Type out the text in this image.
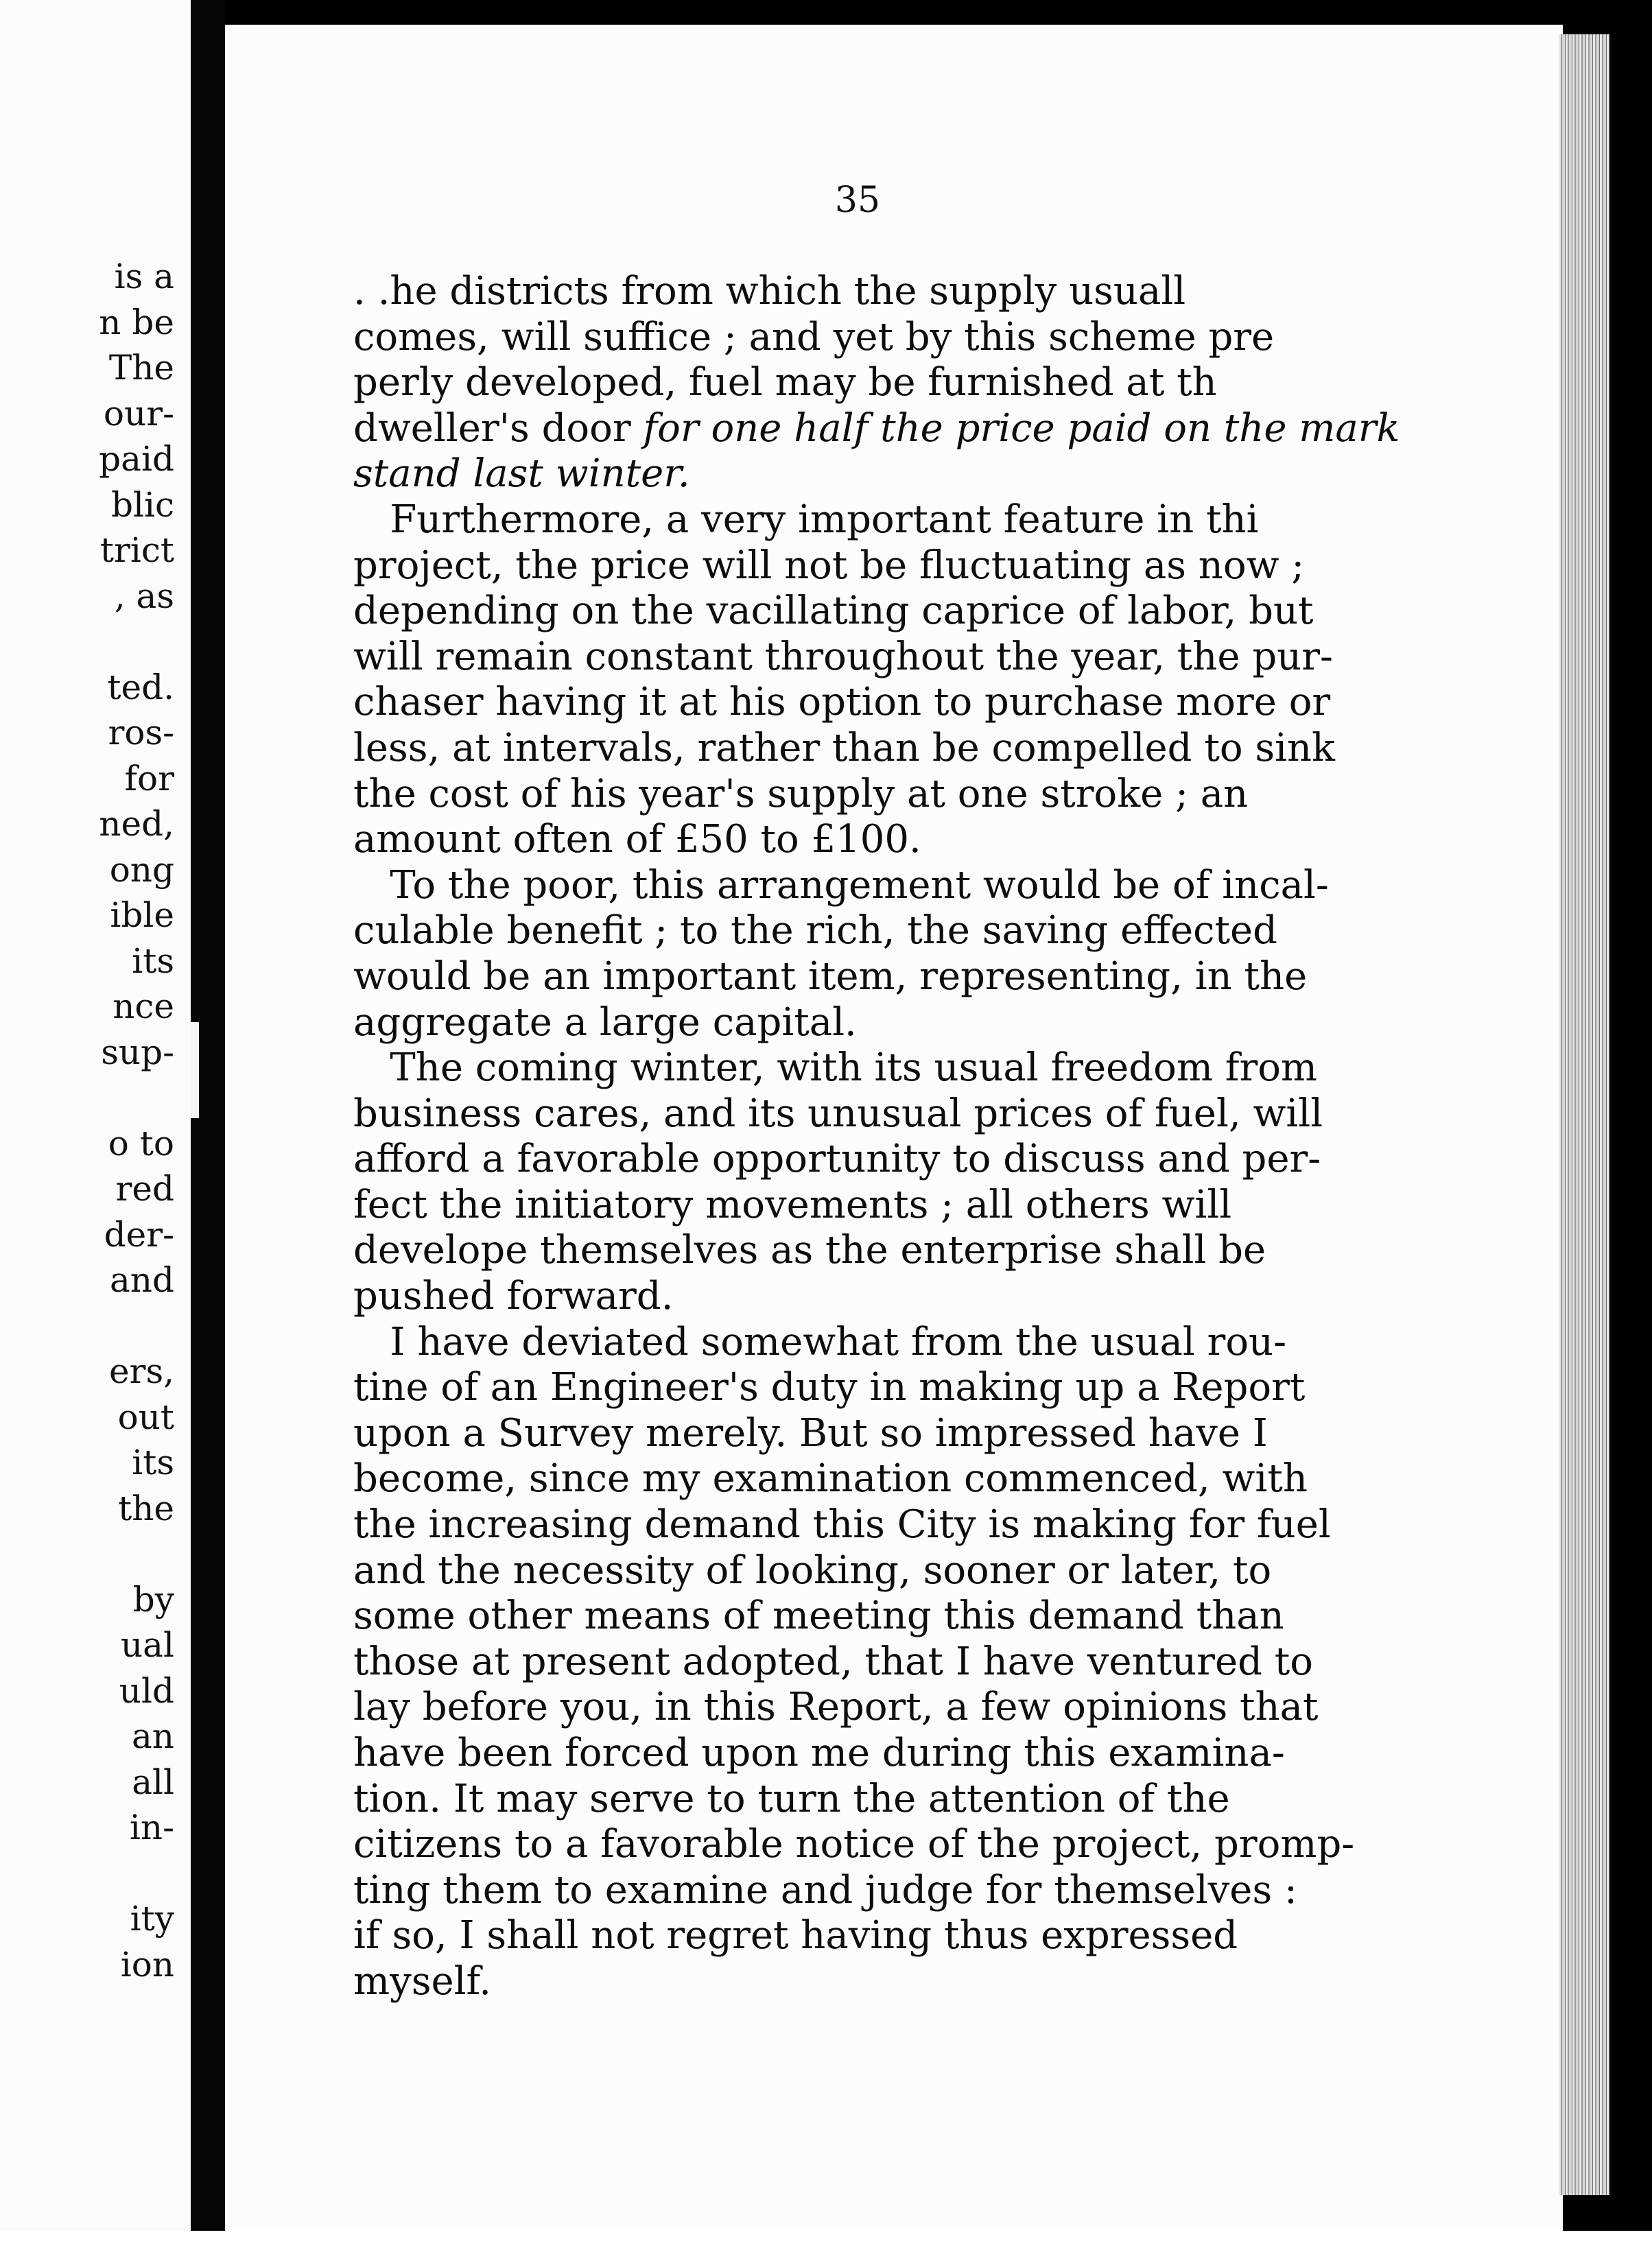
is a
n be
The
our-
paid
blic
trict
, as

ted.
ros-
for
ned,
ong
ible
its
nce
sup-

o to
red
der-
and

ers,
out
its
the

by
ual
uld
an
all
in-

ity
ion
35
. .he districts from which the supply usuall
comes, will suffice ; and yet by this scheme pre
perly developed, fuel may be furnished at th
dweller's door for one half the price paid on the mark
stand last winter.
Furthermore, a very important feature in thi
project, the price will not be fluctuating as now ;
depending on the vacillating caprice of labor, but
will remain constant throughout the year, the pur-
chaser having it at his option to purchase more or
less, at intervals, rather than be compelled to sink
the cost of his year's supply at one stroke ; an
amount often of £50 to £100.
To the poor, this arrangement would be of incal-
culable benefit ; to the rich, the saving effected
would be an important item, representing, in the
aggregate a large capital.
The coming winter, with its usual freedom from
business cares, and its unusual prices of fuel, will
afford a favorable opportunity to discuss and per-
fect the initiatory movements ; all others will
develope themselves as the enterprise shall be
pushed forward.
I have deviated somewhat from the usual rou-
tine of an Engineer's duty in making up a Report
upon a Survey merely. But so impressed have I
become, since my examination commenced, with
the increasing demand this City is making for fuel
and the necessity of looking, sooner or later, to
some other means of meeting this demand than
those at present adopted, that I have ventured to
lay before you, in this Report, a few opinions that
have been forced upon me during this examina-
tion. It may serve to turn the attention of the
citizens to a favorable notice of the project, promp-
ting them to examine and judge for themselves :
if so, I shall not regret having thus expressed
myself.
